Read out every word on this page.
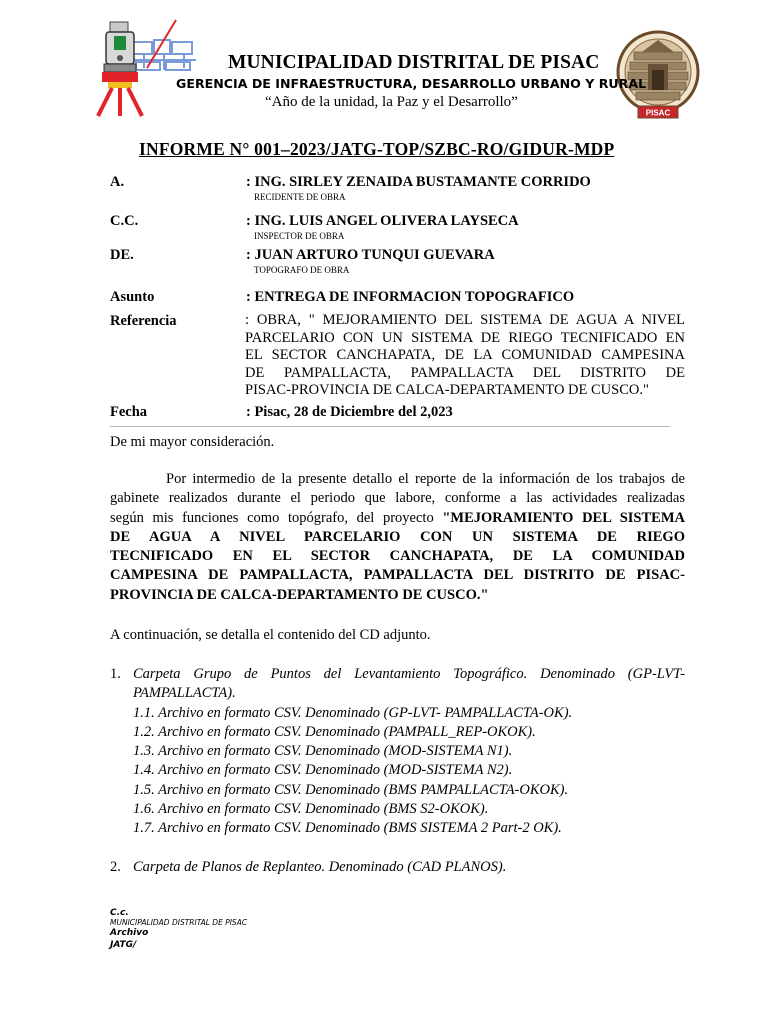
PISAC
MUNICIPALIDAD DISTRITAL DE PISAC
GERENCIA DE INFRAESTRUCTURA, DESARROLLO URBANO Y RURAL
“Año de la unidad, la Paz y el Desarrollo”
INFORME N° 001–2023/JATG-TOP/SZBC-RO/GIDUR-MDP
A.	: ING. SIRLEY ZENAIDA BUSTAMANTE CORRIDO
RECIDENTE DE OBRA
C.C.	: ING. LUIS ANGEL OLIVERA LAYSECA
INSPECTOR DE OBRA
DE.	: JUAN ARTURO TUNQUI GUEVARA
TOPOGRAFO DE OBRA
Asunto	: ENTREGA DE INFORMACION TOPOGRAFICO
Referencia	: OBRA, " MEJORAMIENTO DEL SISTEMA DE AGUA A NIVEL
PARCELARIO CON UN SISTEMA DE RIEGO TECNIFICADO EN
EL SECTOR CANCHAPATA, DE LA COMUNIDAD CAMPESINA
DE PAMPALLACTA, PAMPALLACTA DEL DISTRITO DE
PISAC-PROVINCIA DE CALCA-DEPARTAMENTO DE CUSCO."
Fecha	: Pisac, 28 de Diciembre del 2,023
De mi mayor consideración.
Por intermedio de la presente detallo el reporte de la información de los trabajos de
gabinete realizados durante el periodo que labore, conforme a las actividades realizadas
según mis funciones como topógrafo, del proyecto "MEJORAMIENTO DEL SISTEMA
DE AGUA A NIVEL PARCELARIO CON UN SISTEMA DE RIEGO
TECNIFICADO EN EL SECTOR CANCHAPATA, DE LA COMUNIDAD
CAMPESINA DE PAMPALLACTA, PAMPALLACTA DEL DISTRITO DE PISAC-
PROVINCIA DE CALCA-DEPARTAMENTO DE CUSCO."
A continuación, se detalla el contenido del CD adjunto.
1. Carpeta Grupo de Puntos del Levantamiento Topográfico. Denominado (GP-LVT-
PAMPALLACTA).
1.1. Archivo en formato CSV. Denominado (GP-LVT- PAMPALLACTA-OK).
1.2. Archivo en formato CSV. Denominado (PAMPALL_REP-OKOK).
1.3. Archivo en formato CSV. Denominado (MOD-SISTEMA N1).
1.4. Archivo en formato CSV. Denominado (MOD-SISTEMA N2).
1.5. Archivo en formato CSV. Denominado (BMS PAMPALLACTA-OKOK).
1.6. Archivo en formato CSV. Denominado (BMS S2-OKOK).
1.7. Archivo en formato CSV. Denominado (BMS SISTEMA 2 Part-2 OK).
2. Carpeta de Planos de Replanteo. Denominado (CAD PLANOS).
C.c.
MUNICIPALIDAD DISTRITAL DE PISAC
Archivo
JATG/
